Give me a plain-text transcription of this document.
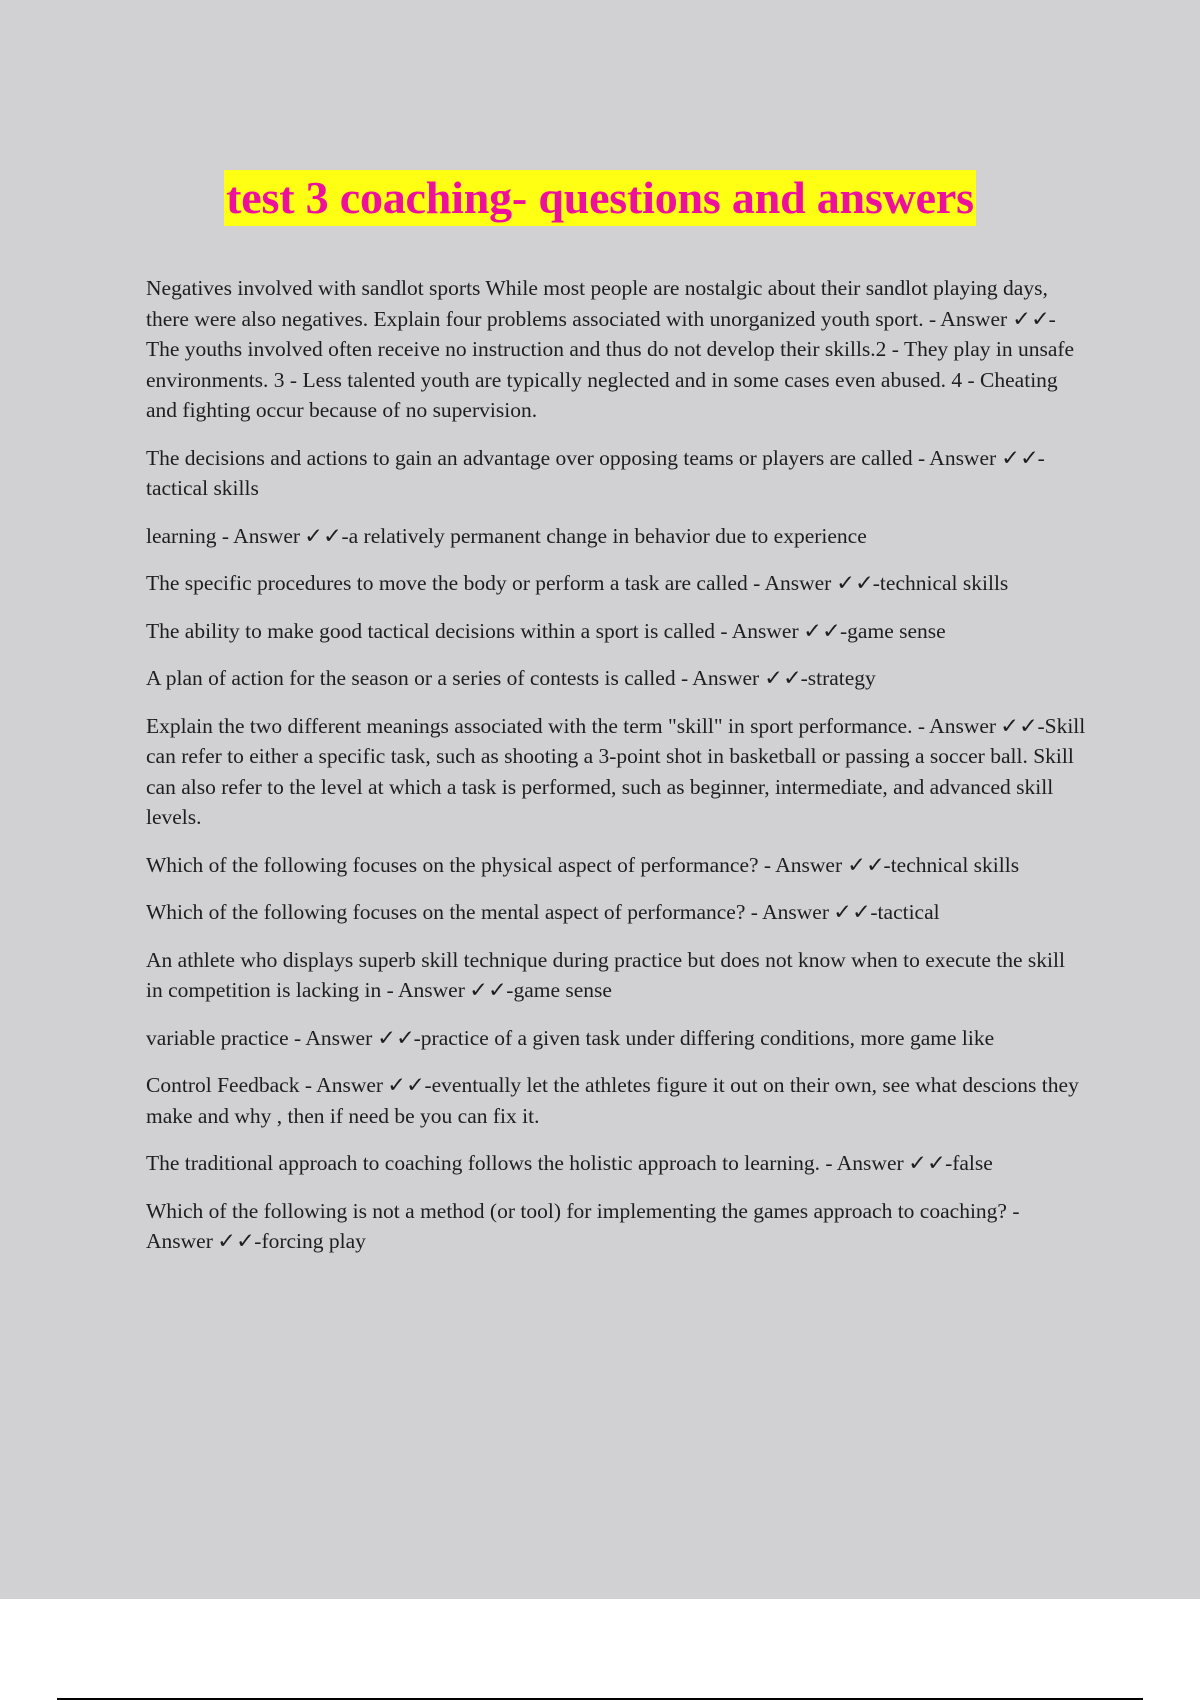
test 3 coaching- questions and answers

Negatives involved with sandlot sports While most people are nostalgic about their sandlot playing days, there were also negatives. Explain four problems associated with unorganized youth sport. - Answer ✓✓- The youths involved often receive no instruction and thus do not develop their skills.2 - They play in unsafe environments. 3 - Less talented youth are typically neglected and in some cases even abused. 4 - Cheating and fighting occur because of no supervision.

The decisions and actions to gain an advantage over opposing teams or players are called - Answer ✓✓-tactical skills

learning - Answer ✓✓-a relatively permanent change in behavior due to experience

The specific procedures to move the body or perform a task are called - Answer ✓✓-technical skills

The ability to make good tactical decisions within a sport is called - Answer ✓✓-game sense

A plan of action for the season or a series of contests is called - Answer ✓✓-strategy

Explain the two different meanings associated with the term "skill" in sport performance. - Answer ✓✓-Skill can refer to either a specific task, such as shooting a 3-point shot in basketball or passing a soccer ball. Skill can also refer to the level at which a task is performed, such as beginner, intermediate, and advanced skill levels.

Which of the following focuses on the physical aspect of performance? - Answer ✓✓-technical skills

Which of the following focuses on the mental aspect of performance? - Answer ✓✓-tactical

An athlete who displays superb skill technique during practice but does not know when to execute the skill in competition is lacking in - Answer ✓✓-game sense

variable practice - Answer ✓✓-practice of a given task under differing conditions, more game like

Control Feedback - Answer ✓✓-eventually let the athletes figure it out on their own, see what descions they make and why , then if need be you can fix it.

The traditional approach to coaching follows the holistic approach to learning. - Answer ✓✓-false

Which of the following is not a method (or tool) for implementing the games approach to coaching? - Answer ✓✓-forcing play
